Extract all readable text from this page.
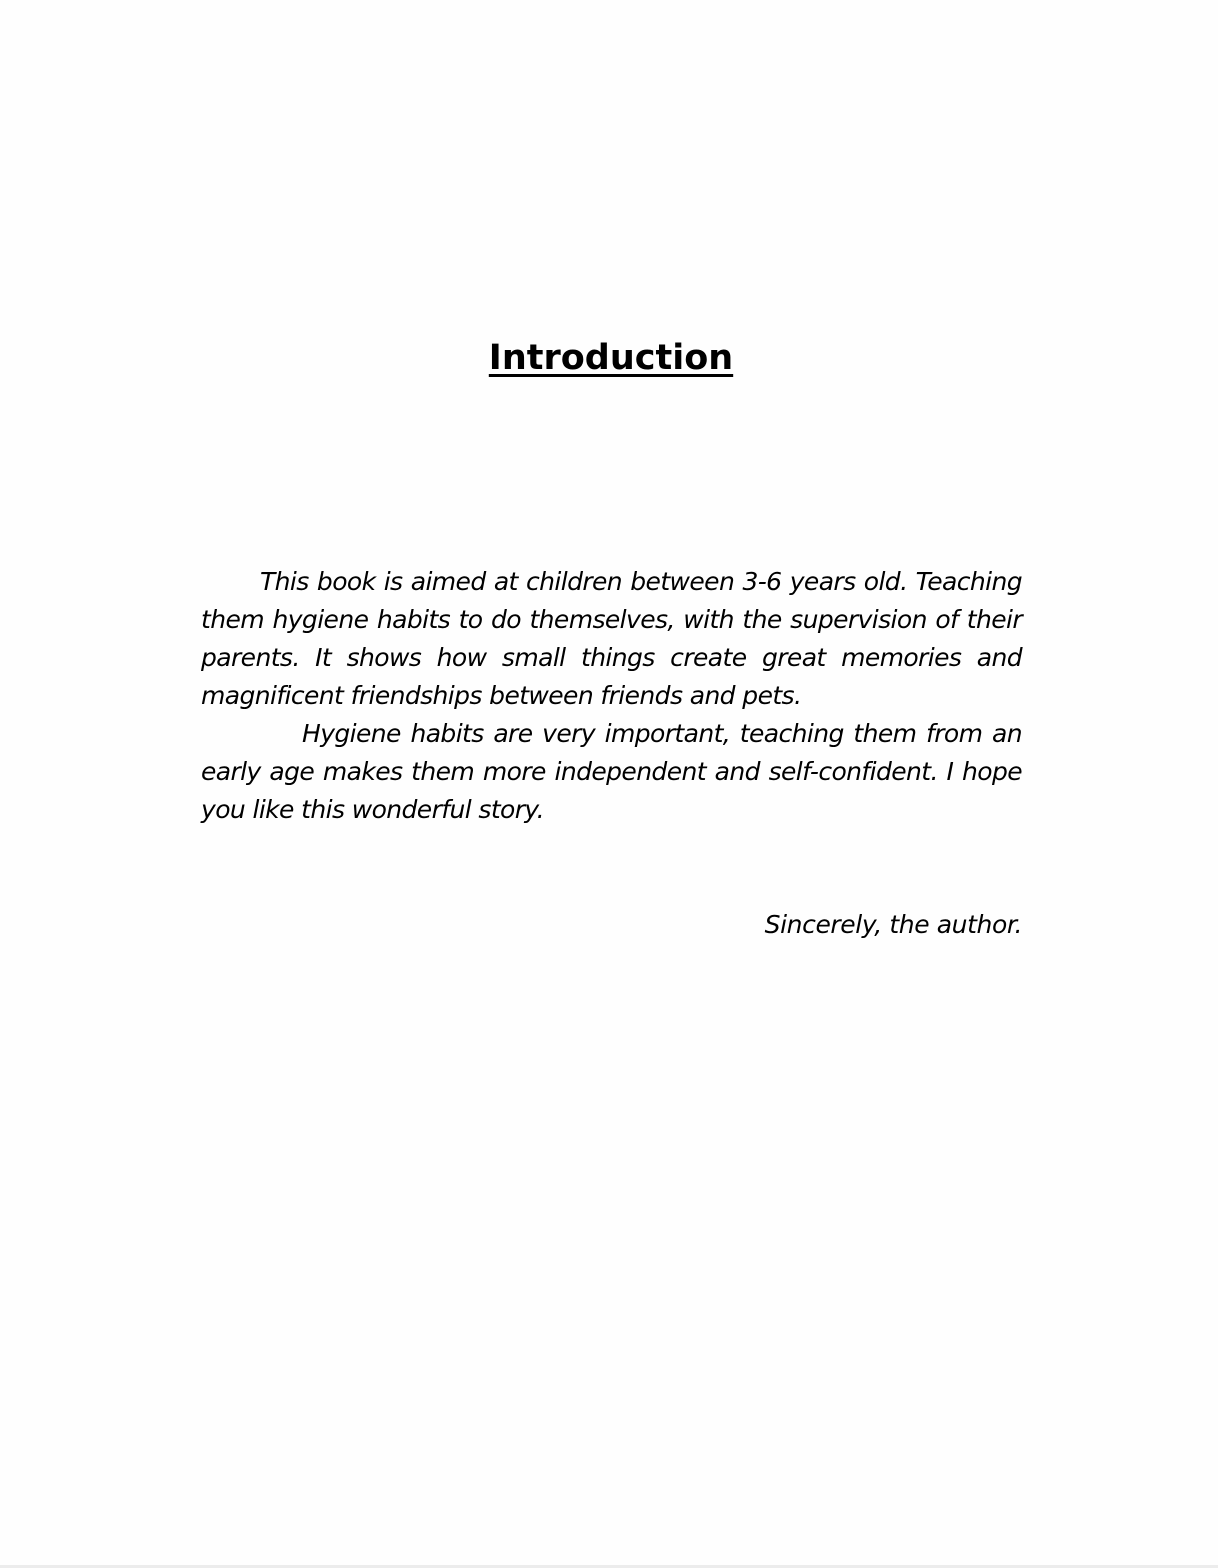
Introduction

This book is aimed at children between 3-6 years old. Teaching them hygiene habits to do themselves, with the supervision of their parents. It shows how small things create great memories and magnificent friendships between friends and pets.

Hygiene habits are very important, teaching them from an early age makes them more independent and self-confident. I hope you like this wonderful story.

Sincerely, the author.
